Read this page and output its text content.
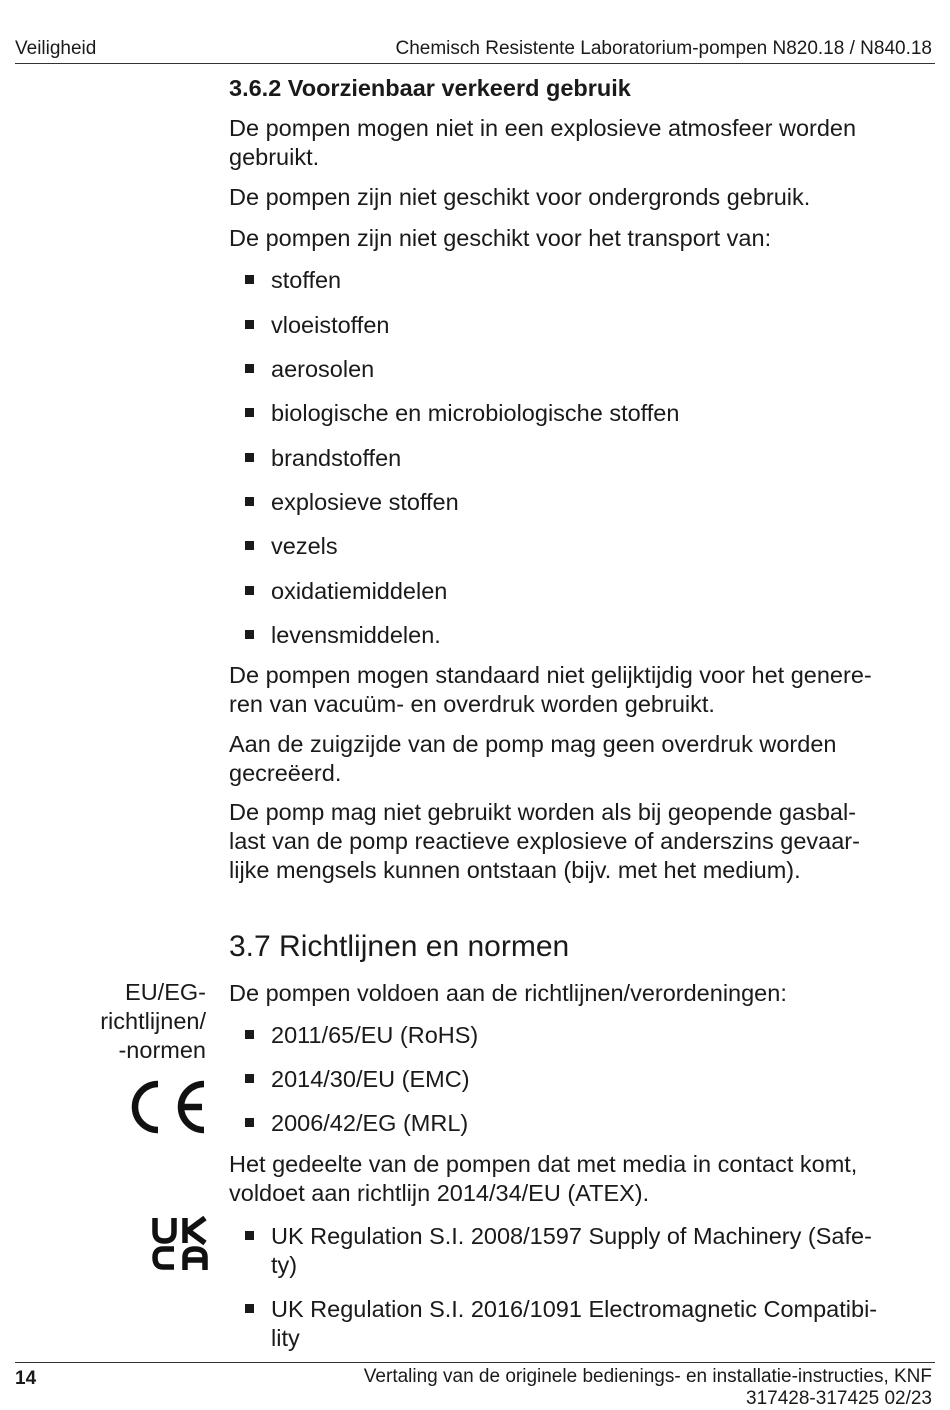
Veiligheid	Chemisch Resistente Laboratorium-pompen N820.18 / N840.18
3.6.2 Voorzienbaar verkeerd gebruik
De pompen mogen niet in een explosieve atmosfeer worden
gebruikt.
De pompen zijn niet geschikt voor ondergronds gebruik.
De pompen zijn niet geschikt voor het transport van:
stoffen
vloeistoffen
aerosolen
biologische en microbiologische stoffen
brandstoffen
explosieve stoffen
vezels
oxidatiemiddelen
levensmiddelen.
De pompen mogen standaard niet gelijktijdig voor het genere-
ren van vacuüm- en overdruk worden gebruikt.
Aan de zuigzijde van de pomp mag geen overdruk worden
gecreëerd.
De pomp mag niet gebruikt worden als bij geopende gasbal-
last van de pomp reactieve explosieve of anderszins gevaar-
lijke mengsels kunnen ontstaan (bijv. met het medium).
3.7 Richtlijnen en normen
EU/EG-
richtlijnen/
-normen
De pompen voldoen aan de richtlijnen/verordeningen:
2011/65/EU (RoHS)
2014/30/EU (EMC)
2006/42/EG (MRL)
Het gedeelte van de pompen dat met media in contact komt,
voldoet aan richtlijn 2014/34/EU (ATEX).
UK Regulation S.I. 2008/1597 Supply of Machinery (Safe-
ty)
UK Regulation S.I. 2016/1091 Electromagnetic Compatibi-
lity
14	Vertaling van de originele bedienings- en installatie-instructies, KNF
317428-317425 02/23
